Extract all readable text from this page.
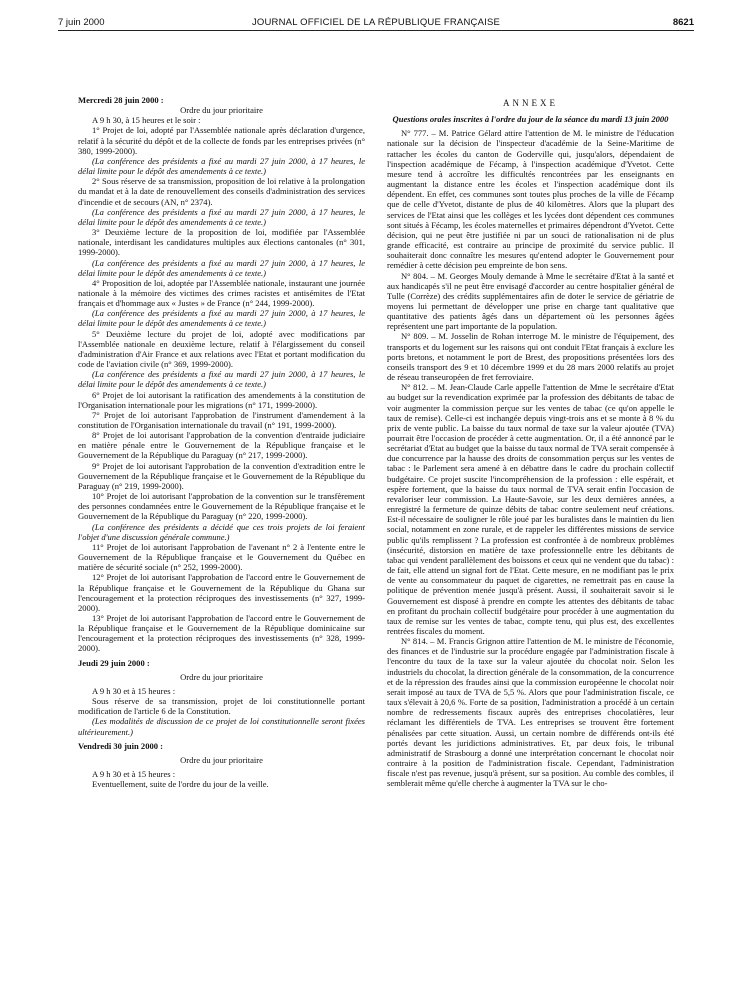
7 juin 2000	JOURNAL OFFICIEL DE LA RÉPUBLIQUE FRANÇAISE	8621

Mercredi 28 juin 2000 :

Ordre du jour prioritaire

A 9 h 30, à 15 heures et le soir :

1° Projet de loi, adopté par l'Assemblée nationale après déclaration d'urgence, relatif à la sécurité du dépôt et de la collecte de fonds par les entreprises privées (n° 380, 1999-2000).

(La conférence des présidents a fixé au mardi 27 juin 2000, à 17 heures, le délai limite pour le dépôt des amendements à ce texte.)

2° Sous réserve de sa transmission, proposition de loi relative à la prolongation du mandat et à la date de renouvellement des conseils d'administration des services d'incendie et de secours (AN, n° 2374).

(La conférence des présidents a fixé au mardi 27 juin 2000, à 17 heures, le délai limite pour le dépôt des amendements à ce texte.)

3° Deuxième lecture de la proposition de loi, modifiée par l'Assemblée nationale, interdisant les candidatures multiples aux élections cantonales (n° 301, 1999-2000).

(La conférence des présidents a fixé au mardi 27 juin 2000, à 17 heures, le délai limite pour le dépôt des amendements à ce texte.)

4° Proposition de loi, adoptée par l'Assemblée nationale, instaurant une journée nationale à la mémoire des victimes des crimes racistes et antisémites de l'Etat français et d'hommage aux « Justes » de France (n° 244, 1999-2000).

(La conférence des présidents a fixé au mardi 27 juin 2000, à 17 heures, le délai limite pour le dépôt des amendements à ce texte.)

5° Deuxième lecture du projet de loi, adopté avec modifications par l'Assemblée nationale en deuxième lecture, relatif à l'élargissement du conseil d'administration d'Air France et aux relations avec l'Etat et portant modification du code de l'aviation civile (n° 369, 1999-2000).

(La conférence des présidents a fixé au mardi 27 juin 2000, à 17 heures, le délai limite pour le dépôt des amendements à ce texte.)

6° Projet de loi autorisant la ratification des amendements à la constitution de l'Organisation internationale pour les migrations (n° 171, 1999-2000).

7° Projet de loi autorisant l'approbation de l'instrument d'amendement à la constitution de l'Organisation internationale du travail (n° 191, 1999-2000).

8° Projet de loi autorisant l'approbation de la convention d'entraide judiciaire en matière pénale entre le Gouvernement de la République française et le Gouvernement de la République du Paraguay (n° 217, 1999-2000).

9° Projet de loi autorisant l'approbation de la convention d'extradition entre le Gouvernement de la République française et le Gouvernement de la République du Paraguay (n° 219, 1999-2000).

10° Projet de loi autorisant l'approbation de la convention sur le transfèrement des personnes condamnées entre le Gouvernement de la République française et le Gouvernement de la République du Paraguay (n° 220, 1999-2000).

(La conférence des présidents a décidé que ces trois projets de loi feraient l'objet d'une discussion générale commune.)

11° Projet de loi autorisant l'approbation de l'avenant n° 2 à l'entente entre le Gouvernement de la République française et le Gouvernement du Québec en matière de sécurité sociale (n° 252, 1999-2000).

12° Projet de loi autorisant l'approbation de l'accord entre le Gouvernement de la République française et le Gouvernement de la République du Ghana sur l'encouragement et la protection réciproques des investissements (n° 327, 1999-2000).

13° Projet de loi autorisant l'approbation de l'accord entre le Gouvernement de la République française et le Gouvernement de la République dominicaine sur l'encouragement et la protection réciproques des investissements (n° 328, 1999-2000).

Jeudi 29 juin 2000 :

Ordre du jour prioritaire

A 9 h 30 et à 15 heures :

Sous réserve de sa transmission, projet de loi constitutionnelle portant modification de l'article 6 de la Constitution.

(Les modalités de discussion de ce projet de loi constitutionnelle seront fixées ultérieurement.)

Vendredi 30 juin 2000 :

Ordre du jour prioritaire

A 9 h 30 et à 15 heures :

Eventuellement, suite de l'ordre du jour de la veille.

ANNEXE

Questions orales inscrites à l'ordre du jour de la séance du mardi 13 juin 2000

N° 777. – M. Patrice Gélard attire l'attention de M. le ministre de l'éducation nationale sur la décision de l'inspecteur d'académie de la Seine-Maritime de rattacher les écoles du canton de Goderville qui, jusqu'alors, dépendaient de l'inspection académique de Fécamp, à l'inspection académique d'Yvetot. Cette mesure tend à accroître les difficultés rencontrées par les enseignants en augmentant la distance entre les écoles et l'inspection académique dont ils dépendent. En effet, ces communes sont toutes plus proches de la ville de Fécamp que de celle d'Yvetot, distante de plus de 40 kilomètres. Alors que la plupart des services de l'Etat ainsi que les collèges et les lycées dont dépendent ces communes sont situés à Fécamp, les écoles maternelles et primaires dépendront d'Yvetot. Cette décision, qui ne peut être justifiée ni par un souci de rationalisation ni de plus grande efficacité, est contraire au principe de proximité du service public. Il souhaiterait donc connaître les mesures qu'entend adopter le Gouvernement pour remédier à cette décision peu empreinte de bon sens.

N° 804. – M. Georges Mouly demande à Mme le secrétaire d'Etat à la santé et aux handicapés s'il ne peut être envisagé d'accorder au centre hospitalier général de Tulle (Corrèze) des crédits supplémentaires afin de doter le service de gériatrie de moyens lui permettant de développer une prise en charge tant qualitative que quantitative des patients âgés dans un département où les personnes âgées représentent une part importante de la population.

N° 809. – M. Josselin de Rohan interroge M. le ministre de l'équipement, des transports et du logement sur les raisons qui ont conduit l'Etat français à exclure les ports bretons, et notamment le port de Brest, des propositions présentées lors des conseils transport des 9 et 10 décembre 1999 et du 28 mars 2000 relatifs au projet de réseau transeuropéen de fret ferroviaire.

N° 812. – M. Jean-Claude Carle appelle l'attention de Mme le secrétaire d'Etat au budget sur la revendication exprimée par la profession des débitants de tabac de voir augmenter la commission perçue sur les ventes de tabac (ce qu'on appelle le taux de remise). Celle-ci est inchangée depuis vingt-trois ans et se monte à 8 % du prix de vente public. La baisse du taux normal de taxe sur la valeur ajoutée (TVA) pourrait être l'occasion de procéder à cette augmentation. Or, il a été annoncé par le secrétariat d'Etat au budget que la baisse du taux normal de TVA serait compensée à due concurrence par la hausse des droits de consommation perçus sur les ventes de tabac : le Parlement sera amené à en débattre dans le cadre du prochain collectif budgétaire. Ce projet suscite l'incompréhension de la profession : elle espérait, et espère fortement, que la baisse du taux normal de TVA serait enfin l'occasion de revaloriser leur commission. La Haute-Savoie, sur les deux dernières années, a enregistré la fermeture de quinze débits de tabac contre seulement neuf créations. Est-il nécessaire de souligner le rôle joué par les buralistes dans le maintien du lien social, notamment en zone rurale, et de rappeler les différentes missions de service public qu'ils remplissent ? La profession est confrontée à de nombreux problèmes (insécurité, distorsion en matière de taxe professionnelle entre les débitants de tabac qui vendent parallèlement des boissons et ceux qui ne vendent que du tabac) : de fait, elle attend un signal fort de l'Etat. Cette mesure, en ne modifiant pas le prix de vente au consommateur du paquet de cigarettes, ne remettrait pas en cause la politique de prévention menée jusqu'à présent. Aussi, il souhaiterait savoir si le Gouvernement est disposé à prendre en compte les attentes des débitants de tabac en profitant du prochain collectif budgétaire pour procéder à une augmentation du taux de remise sur les ventes de tabac, compte tenu, qui plus est, des excellentes rentrées fiscales du moment.

N° 814. – M. Francis Grignon attire l'attention de M. le ministre de l'économie, des finances et de l'industrie sur la procédure engagée par l'administration fiscale à l'encontre du taux de la taxe sur la valeur ajoutée du chocolat noir. Selon les industriels du chocolat, la direction générale de la consommation, de la concurrence et de la répression des fraudes ainsi que la commission européenne le chocolat noir serait imposé au taux de TVA de 5,5 %. Alors que pour l'administration fiscale, ce taux s'élevait à 20,6 %. Forte de sa position, l'administration a procédé à un certain nombre de redressements fiscaux auprès des entreprises chocolatières, leur réclamant les différentiels de TVA. Les entreprises se trouvent être fortement pénalisées par cette situation. Aussi, un certain nombre de différends ont-ils été portés devant les juridictions administratives. Et, par deux fois, le tribunal administratif de Strasbourg a donné une interprétation concernant le chocolat noir contraire à la position de l'administration fiscale. Cependant, l'administration fiscale n'est pas revenue, jusqu'à présent, sur sa position. Au comble des combles, il semblerait même qu'elle cherche à augmenter la TVA sur le cho-
